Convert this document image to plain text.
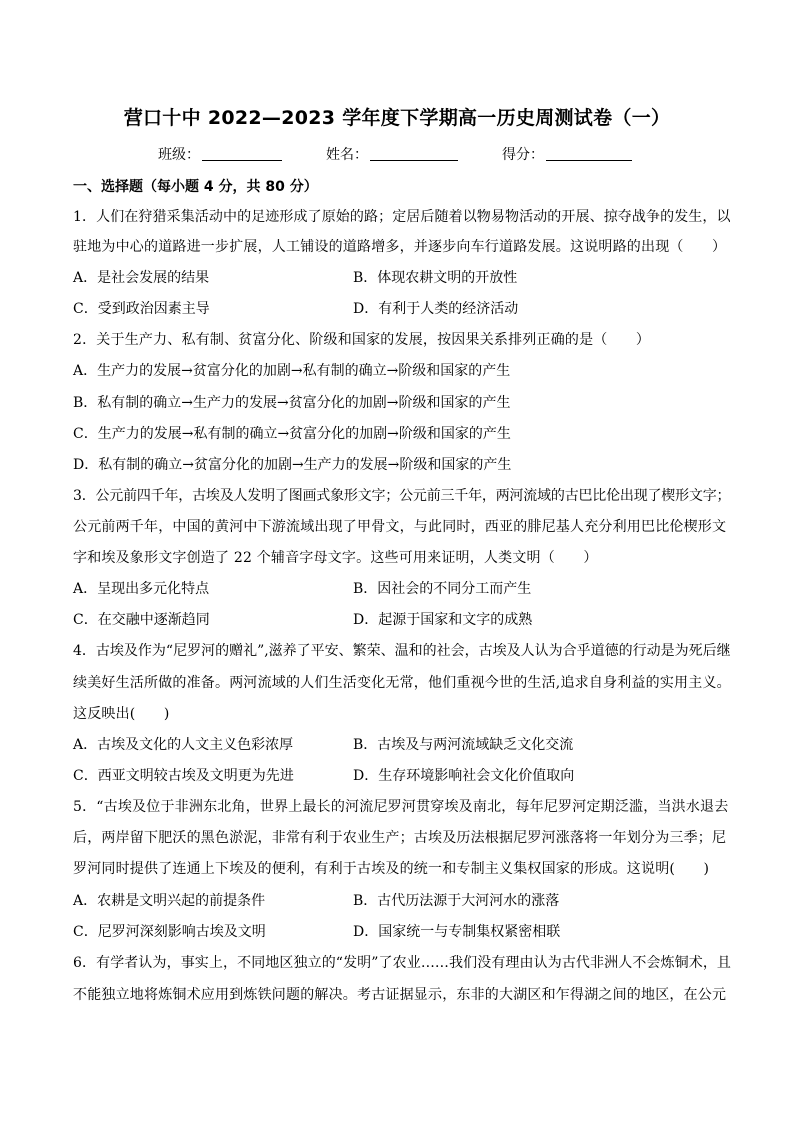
营口十中 2022—2023 学年度下学期高一历史周测试卷（一）
班级：	姓名：	得分：
一、选择题（每小题 4 分，共 80 分）
1．人们在狩猎采集活动中的足迹形成了原始的路；定居后随着以物易物活动的开展、掠夺战争的发生，以
驻地为中心的道路进一步扩展，人工铺设的道路增多，并逐步向车行道路发展。这说明路的出现（　　）
A．是社会发展的结果	B．体现农耕文明的开放性
C．受到政治因素主导	D．有利于人类的经济活动
2．关于生产力、私有制、贫富分化、阶级和国家的发展，按因果关系排列正确的是（　　）
A．生产力的发展→贫富分化的加剧→私有制的确立→阶级和国家的产生
B．私有制的确立→生产力的发展→贫富分化的加剧→阶级和国家的产生
C．生产力的发展→私有制的确立→贫富分化的加剧→阶级和国家的产生
D．私有制的确立→贫富分化的加剧→生产力的发展→阶级和国家的产生
3．公元前四千年，古埃及人发明了图画式象形文字；公元前三千年，两河流域的古巴比伦出现了楔形文字；
公元前两千年，中国的黄河中下游流域出现了甲骨文，与此同时，西亚的腓尼基人充分利用巴比伦楔形文
字和埃及象形文字创造了 22 个辅音字母文字。这些可用来证明，人类文明（　　）
A．呈现出多元化特点	B．因社会的不同分工而产生
C．在交融中逐渐趋同	D．起源于国家和文字的成熟
4．古埃及作为“尼罗河的赠礼”,滋养了平安、繁荣、温和的社会，古埃及人认为合乎道德的行动是为死后继
续美好生活所做的准备。两河流域的人们生活变化无常，他们重视今世的生活,追求自身利益的实用主义。
这反映出(　　)
A．古埃及文化的人文主义色彩浓厚	B．古埃及与两河流域缺乏文化交流
C．西亚文明较古埃及文明更为先进	D．生存环境影响社会文化价值取向
5．“古埃及位于非洲东北角，世界上最长的河流尼罗河贯穿埃及南北，每年尼罗河定期泛滥，当洪水退去
后，两岸留下肥沃的黑色淤泥，非常有利于农业生产；古埃及历法根据尼罗河涨落将一年划分为三季；尼
罗河同时提供了连通上下埃及的便利，有利于古埃及的统一和专制主义集权国家的形成。这说明(　　)
A．农耕是文明兴起的前提条件	B．古代历法源于大河河水的涨落
C．尼罗河深刻影响古埃及文明	D．国家统一与专制集权紧密相联
6．有学者认为，事实上，不同地区独立的“发明”了农业……我们没有理由认为古代非洲人不会炼铜术，且
不能独立地将炼铜术应用到炼铁问题的解决。考古证据显示，东非的大湖区和乍得湖之间的地区，在公元
